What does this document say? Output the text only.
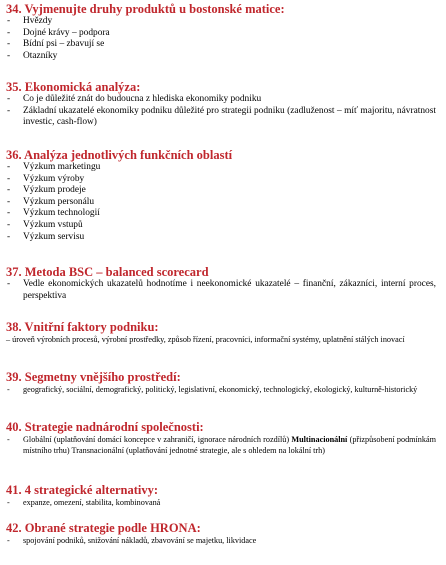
34. Vyjmenujte druhy produktů u bostonské matice:
- Hvězdy
- Dojné krávy – podpora
- Bídní psi – zbavují se
- Otazníky
35. Ekonomická analýza:
- Co je důležité znát do budoucna z hlediska ekonomiky podniku
- Základní ukazatelé ekonomiky podniku důležité pro strategii podniku (zadluženost – míť majoritu, návratnost investic, cash-flow)
36. Analýza jednotlivých funkčních oblastí
- Výzkum marketingu
- Výzkum výroby
- Výzkum prodeje
- Výzkum personálu
- Výzkum technologií
- Výzkum vstupů
- Výzkum servisu
37. Metoda BSC – balanced scorecard
- Vedle ekonomických ukazatelů hodnotíme i neekonomické ukazatelé – finanční, zákazníci, interní proces, perspektiva
38. Vnitřní faktory podniku:
– úroveň výrobních procesů, výrobní prostředky, způsob řízení, pracovníci, informační systémy, uplatnění stálých inovací
39. Segmetny vnějšího prostředí:
- geografický, sociální, demografický, politický, legislativní, ekonomický, technologický, ekologický, kulturně-historický
40. Strategie nadnárodní společnosti:
- Globální (uplatňování domácí koncepce v zahraničí, ignorace národních rozdílů) Multinacionální (přizpůsobení podmínkám místního trhu) Transnacionální (uplatňování jednotné strategie, ale s ohledem na lokální trh)
41. 4 strategické alternativy:
- expanze, omezení, stabilita, kombinovaná
42. Obrané strategie podle HRONA:
- spojování podniků, snižování nákladů, zbavování se majetku, likvidace
